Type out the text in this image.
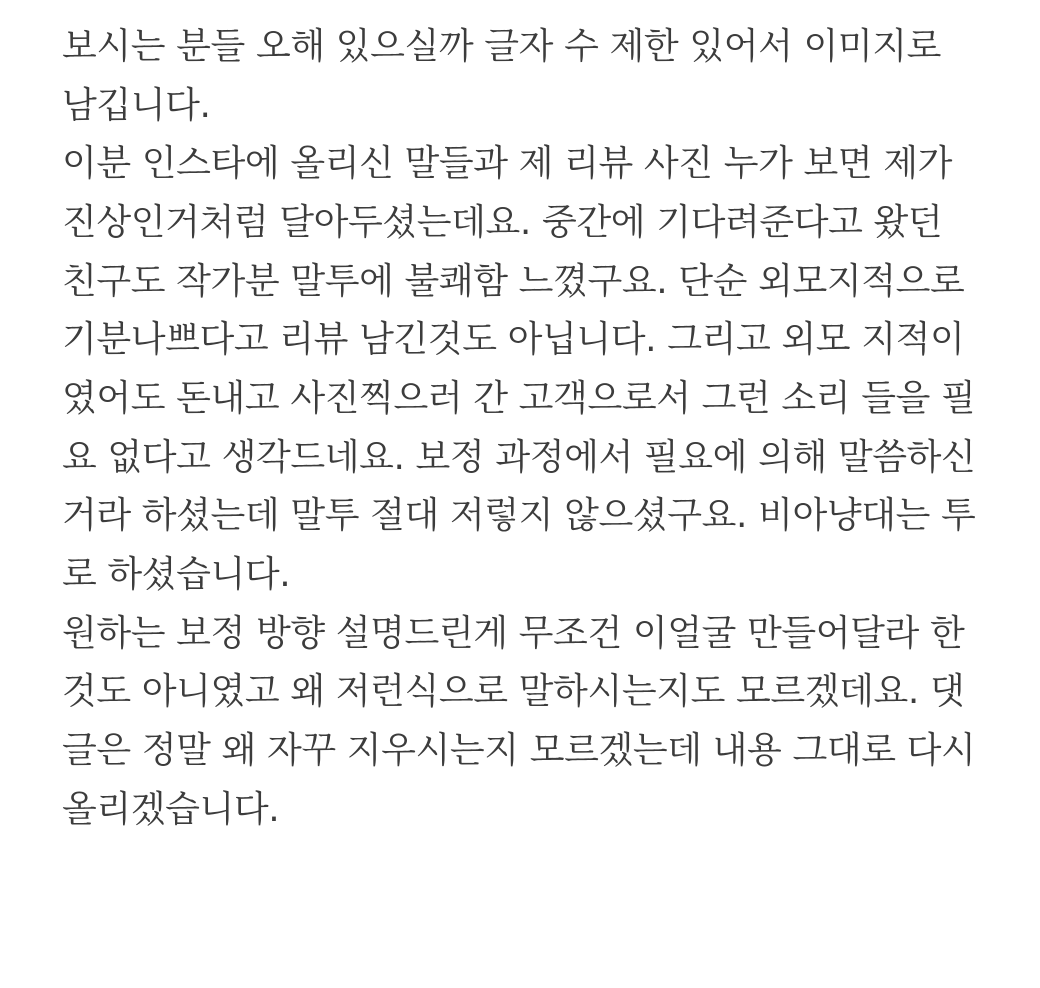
보시는 분들 오해 있으실까 글자 수 제한 있어서 이미지로 남깁니다.

이분 인스타에 올리신 말들과 제 리뷰 사진 누가 보면 제가 진상인거처럼 달아두셨는데요. 중간에 기다려준다고 왔던 친구도 작가분 말투에 불쾌함 느꼈구요. 단순 외모지적으로 기분나쁘다고 리뷰 남긴것도 아닙니다. 그리고 외모 지적이였어도 돈내고 사진찍으러 간 고객으로서 그런 소리 들을 필요 없다고 생각드네요. 보정 과정에서 필요에 의해 말씀하신거라 하셨는데 말투 절대 저렇지 않으셨구요. 비아냥대는 투로 하셨습니다.

원하는 보정 방향 설명드린게 무조건 이얼굴 만들어달라 한것도 아니였고 왜 저런식으로 말하시는지도 모르겠데요. 댓글은 정말 왜 자꾸 지우시는지 모르겠는데 내용 그대로 다시 올리겠습니다.
